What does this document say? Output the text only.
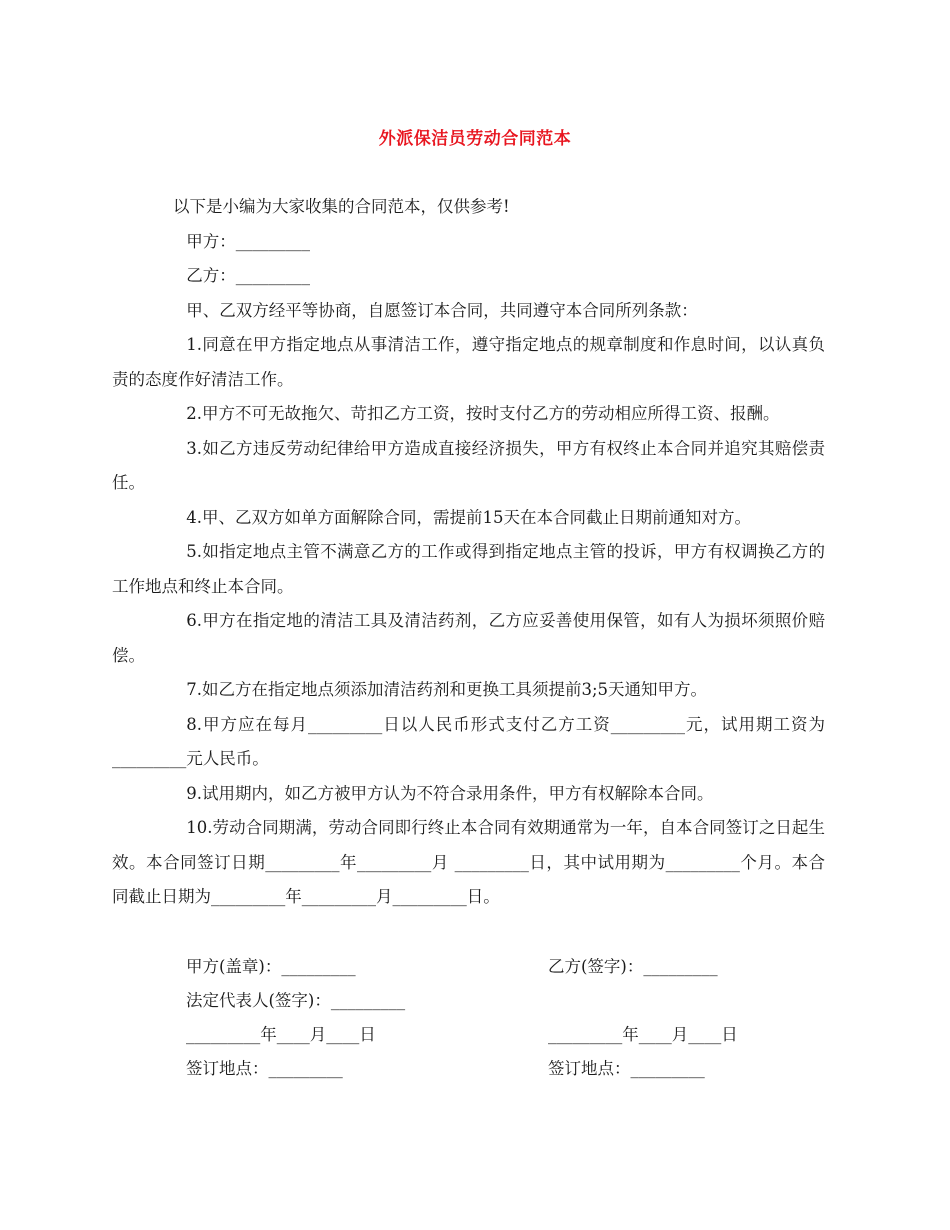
外派保洁员劳动合同范本

以下是小编为大家收集的合同范本，仅供参考!

甲方：_________

乙方：_________

甲、乙双方经平等协商，自愿签订本合同，共同遵守本合同所列条款：

1.同意在甲方指定地点从事清洁工作，遵守指定地点的规章制度和作息时间，以认真负责的态度作好清洁工作。

2.甲方不可无故拖欠、苛扣乙方工资，按时支付乙方的劳动相应所得工资、报酬。

3.如乙方违反劳动纪律给甲方造成直接经济损失，甲方有权终止本合同并追究其赔偿责任。

4.甲、乙双方如单方面解除合同，需提前15天在本合同截止日期前通知对方。

5.如指定地点主管不满意乙方的工作或得到指定地点主管的投诉，甲方有权调换乙方的工作地点和终止本合同。

6.甲方在指定地的清洁工具及清洁药剂，乙方应妥善使用保管，如有人为损坏须照价赔偿。

7.如乙方在指定地点须添加清洁药剂和更换工具须提前3;5天通知甲方。

8.甲方应在每月_________日以人民币形式支付乙方工资_________元，试用期工资为_________元人民币。

9.试用期内，如乙方被甲方认为不符合录用条件，甲方有权解除本合同。

10.劳动合同期满，劳动合同即行终止本合同有效期通常为一年，自本合同签订之日起生效。本合同签订日期_________年_________月 _________日，其中试用期为_________个月。本合同截止日期为_________年_________月_________日。

甲方(盖章)：_________	乙方(签字)：_________
法定代表人(签字)：_________
_________年____月____日	_________年____月____日
签订地点：_________	签订地点：_________
